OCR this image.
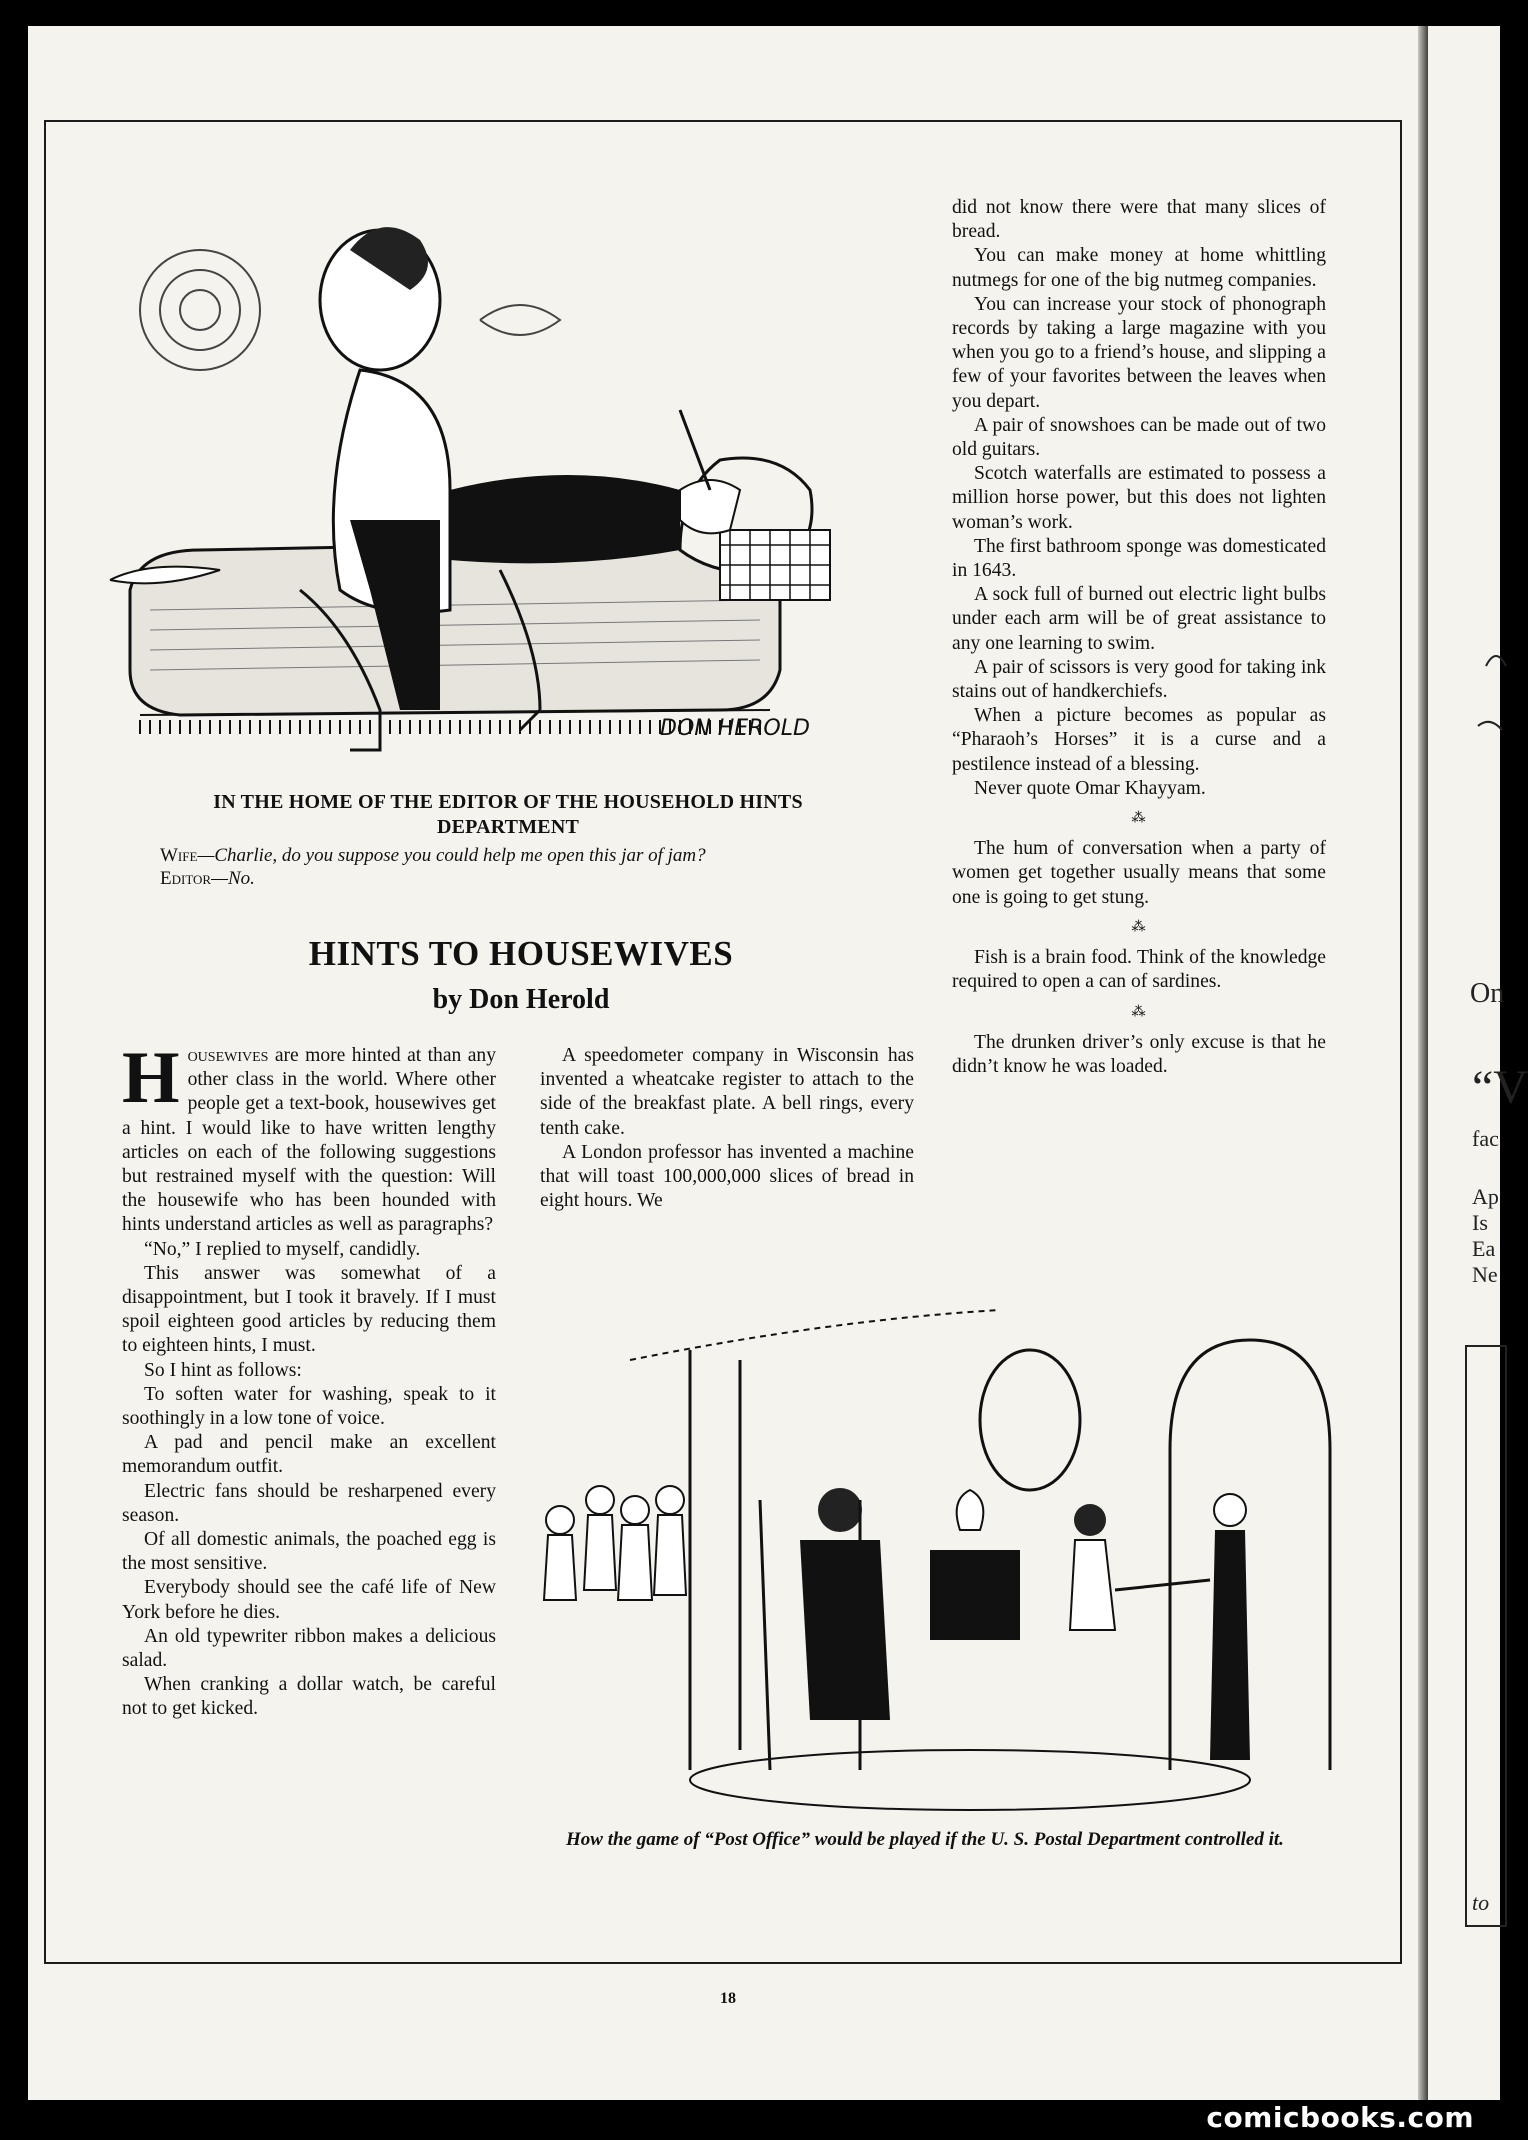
On
“V
fac
Ap
Is
Ea
Ne
to
DON HEROLD
IN THE HOME OF THE EDITOR OF THE HOUSEHOLD HINTS DEPARTMENT
Wife—Charlie, do you suppose you could help me open this jar of jam?
Editor—No.
HINTS TO HOUSEWIVES
by Don Herold

Housewives are more hinted at than any other class in the world. Where other people get a text-book, housewives get a hint. I would like to have written lengthy articles on each of the following suggestions but restrained myself with the question: Will the housewife who has been hounded with hints understand articles as well as paragraphs?

“No,” I replied to myself, candidly.

This answer was somewhat of a disappointment, but I took it bravely. If I must spoil eighteen good articles by reducing them to eighteen hints, I must.

So I hint as follows:

To soften water for washing, speak to it soothingly in a low tone of voice.

A pad and pencil make an excellent memorandum outfit.

Electric fans should be resharpened every season.

Of all domestic animals, the poached egg is the most sensitive.

Everybody should see the café life of New York before he dies.

An old typewriter ribbon makes a delicious salad.

When cranking a dollar watch, be careful not to get kicked.

A speedometer company in Wisconsin has invented a wheatcake register to attach to the side of the breakfast plate. A bell rings, every tenth cake.

A London professor has invented a machine that will toast 100,000,000 slices of bread in eight hours. We

did not know there were that many slices of bread.

You can make money at home whittling nutmegs for one of the big nutmeg companies.

You can increase your stock of phonograph records by taking a large magazine with you when you go to a friend’s house, and slipping a few of your favorites between the leaves when you depart.

A pair of snowshoes can be made out of two old guitars.

Scotch waterfalls are estimated to possess a million horse power, but this does not lighten woman’s work.

The first bathroom sponge was domesticated in 1643.

A sock full of burned out electric light bulbs under each arm will be of great assistance to any one learning to swim.

A pair of scissors is very good for taking ink stains out of handkerchiefs.

When a picture becomes as popular as “Pharaoh’s Horses” it is a curse and a pestilence instead of a blessing.

Never quote Omar Khayyam.

⁂

The hum of conversation when a party of women get together usually means that some one is going to get stung.

⁂

Fish is a brain food. Think of the knowledge required to open a can of sardines.

⁂

The drunken driver’s only excuse is that he didn’t know he was loaded.

How the game of “Post Office” would be played if the U. S. Postal Department controlled it.
18
comicbooks.com
